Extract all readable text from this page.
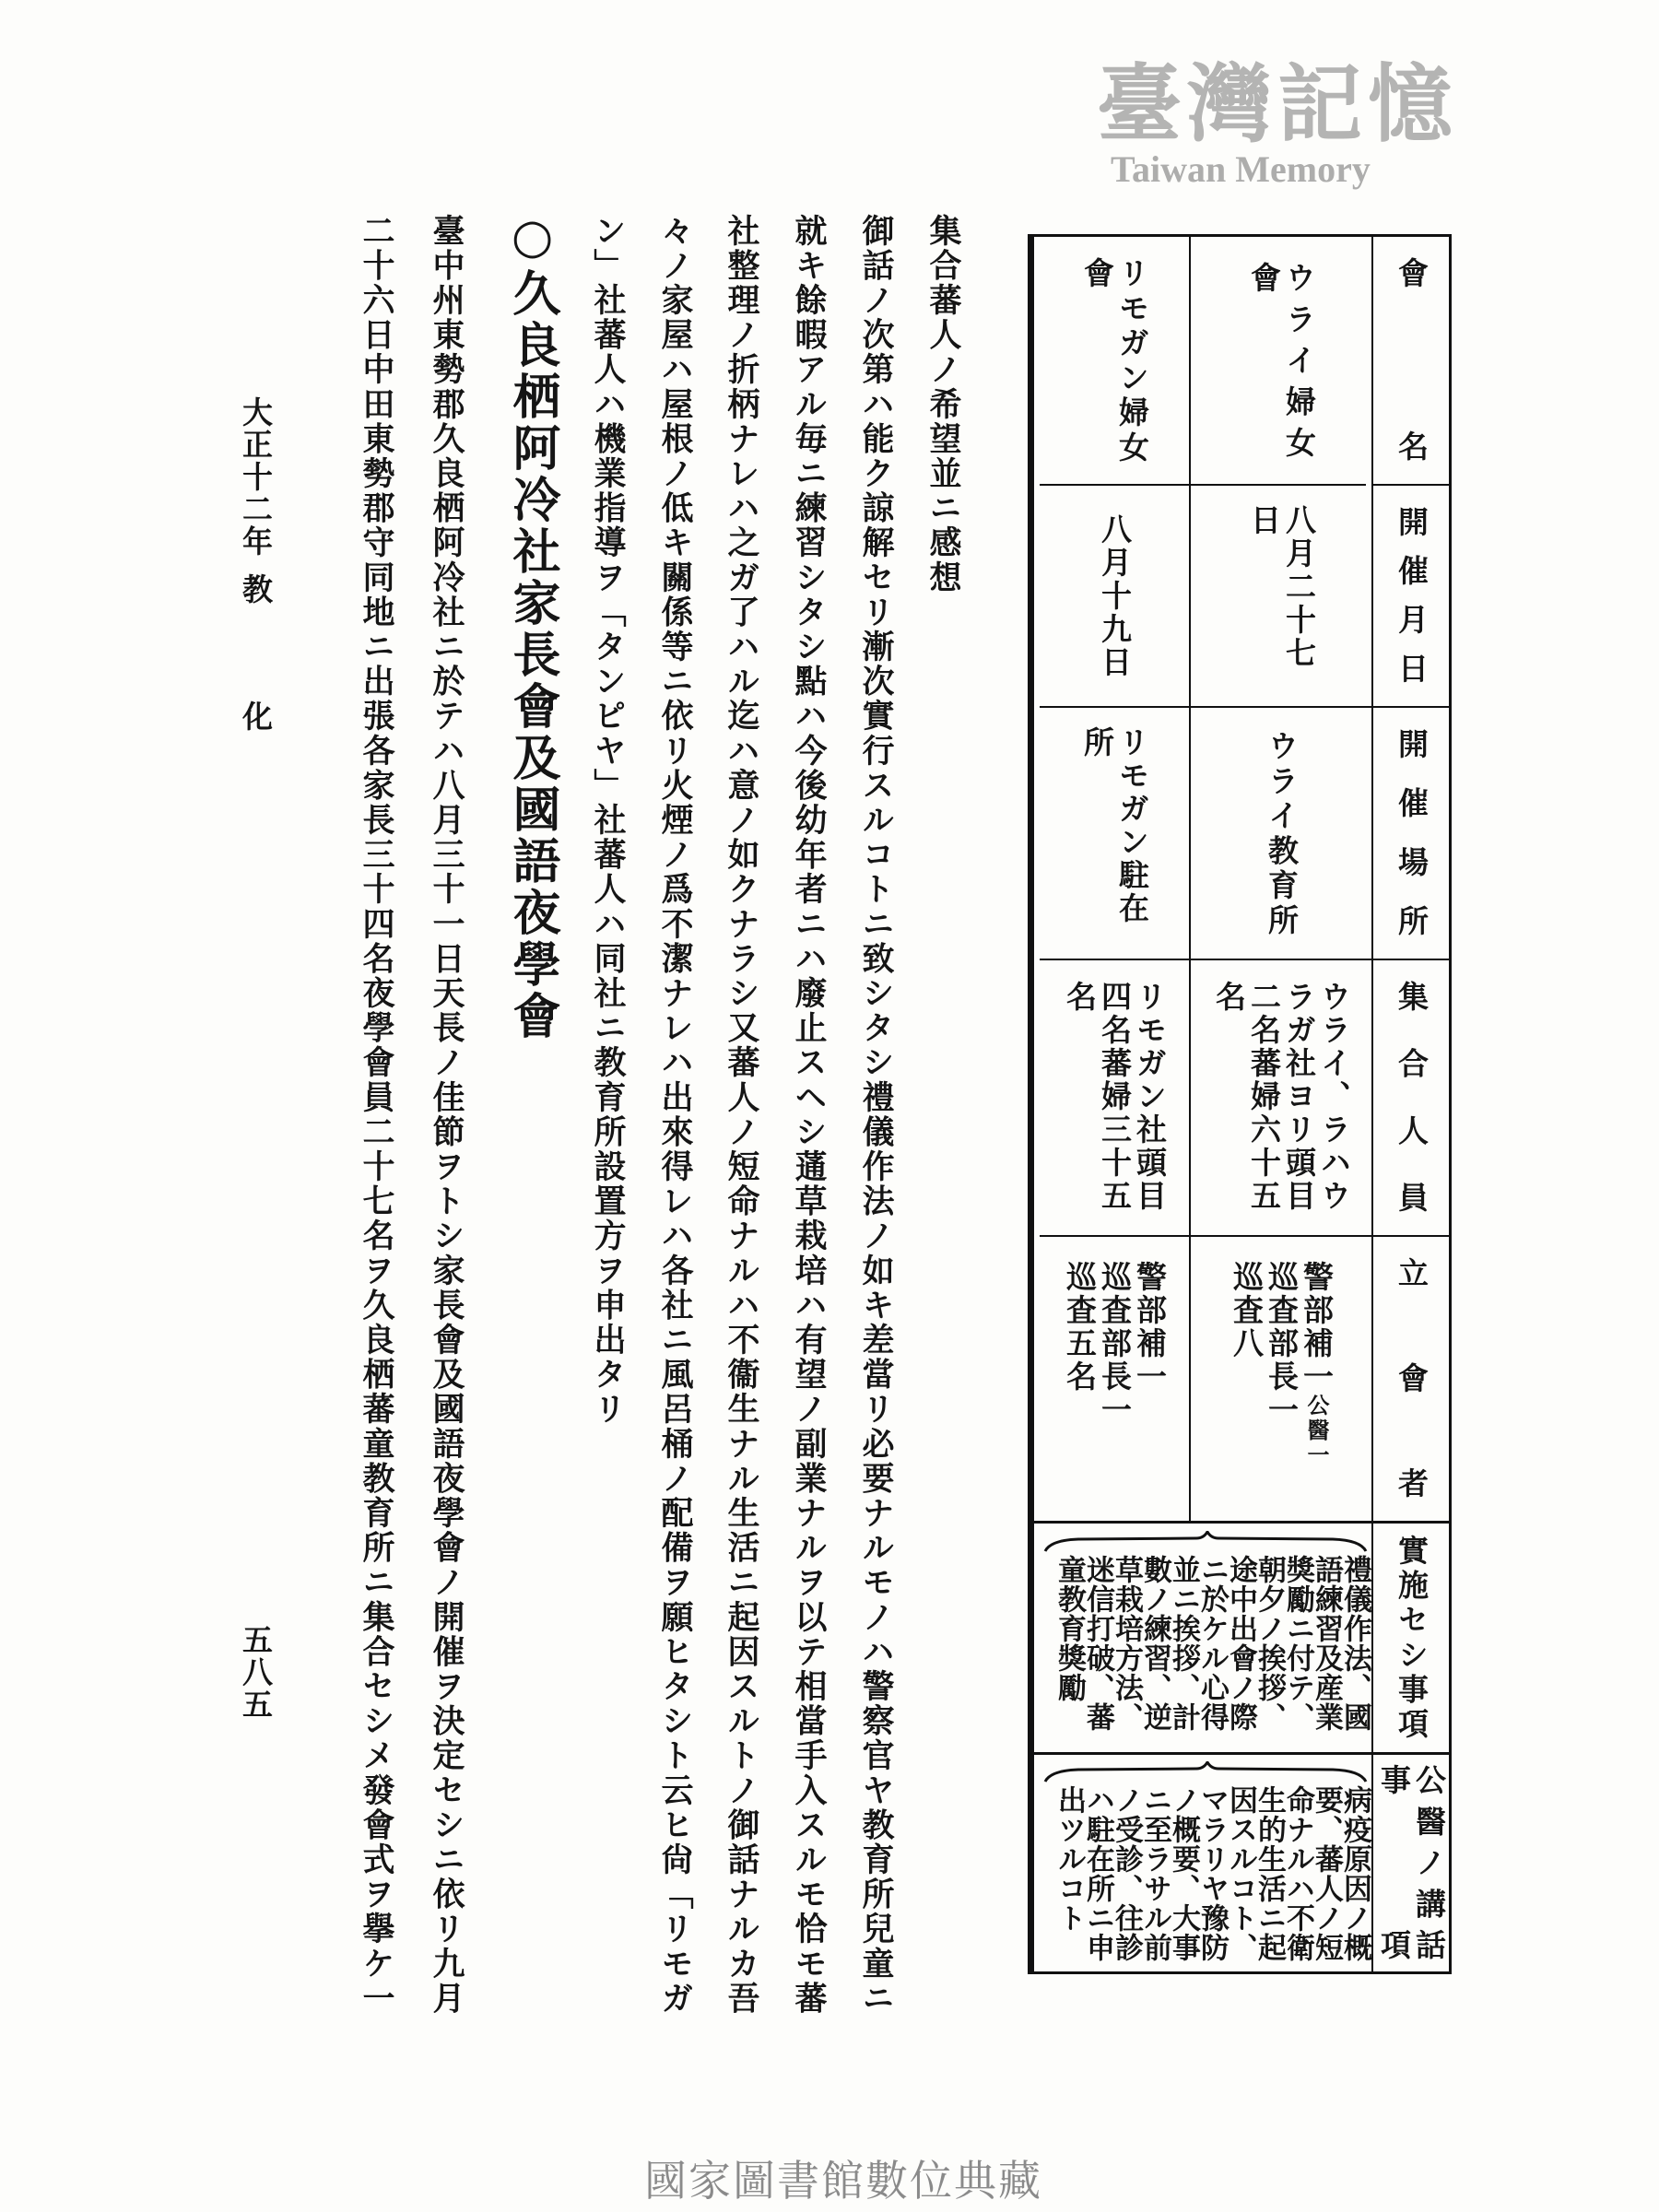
集合蕃人ノ希望並ニ感想
御話ノ次第ハ能ク諒解セリ漸次實行スルコトニ致シタシ禮儀作法ノ如キ差當リ必要ナルモノハ警察官ヤ教育所兒童ニ
就キ餘暇アル毎ニ練習シタシ點ハ今後幼年者ニハ廢止スヘシ蓪草栽培ハ有望ノ副業ナルヲ以テ相當手入スルモ恰モ蕃
社整理ノ折柄ナレハ之ガ了ハル迄ハ意ノ如クナラシ又蕃人ノ短命ナルハ不衞生ナル生活ニ起因スルトノ御話ナルカ吾
々ノ家屋ハ屋根ノ低キ關係等ニ依リ火煙ノ爲不潔ナレハ出來得レハ各社ニ風呂桶ノ配備ヲ願ヒタシト云ヒ尙「リモガ
ン」社蕃人ハ機業指導ヲ「タンピヤ」社蕃人ハ同社ニ教育所設置方ヲ申出タリ
○久良栖阿冷社家長會及國語夜學會
臺中州東勢郡久良栖阿冷社ニ於テハ八月三十一日天長ノ佳節ヲトシ家長會及國語夜學會ノ開催ヲ決定セシニ依リ九月
二十六日中田東勢郡守同地ニ出張各家長三十四名夜學會員二十七名ヲ久良栖蕃童教育所ニ集合セシメ發會式ヲ擧ケ一
大正十二年
教
化
五八五
會名
開催月日
開催場所
集合人員
立會者
實施セシ事項
公醫ノ講話事項
ウライ婦女會
八月二十七日
ウライ教育所
ウライ、ラハウ
ラガ社ヨリ頭目
二名蕃婦六十五
名
警部補一公醫一
巡査部長一
巡査八
リモガン婦女會
八月十九日
リモガン駐在所
リモガン社頭目
四名蕃婦三十五
名
警部補一
巡査部長一
巡査五名
禮儀作法、國
語練習及産業
獎勵ニ付テ、
朝夕ノ挨拶、
途中出會ノ際
ニ於ケル心得
並ニ挨拶、計
數ノ練習、逆
草栽培方法、
迷信打破、蕃
童教育獎勵
病疫原因ノ概
要、蕃人ノ短
命ナルハ不衛
生的生活ニ起
因スルコト、
マラリヤ豫防
ノ概要、大事
ニ至ラサル前
ノ受診、往診
ハ駐在所ニ申
出ツルコト
臺灣記憶
Taiwan Memory
國家圖書館數位典藏
